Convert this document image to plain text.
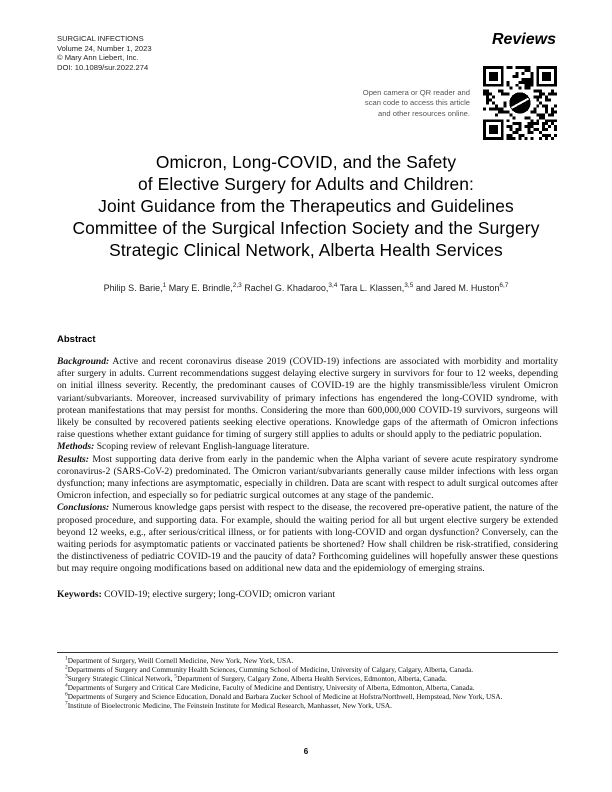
SURGICAL INFECTIONS
Volume 24, Number 1, 2023
© Mary Ann Liebert, Inc.
DOI: 10.1089/sur.2022.274
Reviews
Open camera or QR reader and
scan code to access this article
and other resources online.
Omicron, Long-COVID, and the Safety
of Elective Surgery for Adults and Children:
Joint Guidance from the Therapeutics and Guidelines
Committee of the Surgical Infection Society and the Surgery
Strategic Clinical Network, Alberta Health Services
Philip S. Barie,$^1$ Mary E. Brindle,$^{2,3}$ Rachel G. Khadaroo,$^{3,4}$ Tara L. Klassen,$^{3,5}$ and Jared M. Huston$^{6,7}$
Abstract

Background: Active and recent coronavirus disease 2019 (COVID-19) infections are associated with morbidity and mortality after surgery in adults. Current recommendations suggest delaying elective surgery in survivors for four to 12 weeks, depending on initial illness severity. Recently, the predominant causes of COVID-19 are the highly transmissible/less virulent Omicron variant/subvariants. Moreover, increased survivability of primary infections has engendered the long-COVID syndrome, with protean manifestations that may persist for months. Considering the more than 600,000,000 COVID-19 survivors, surgeons will likely be consulted by recovered patients seeking elective operations. Knowledge gaps of the aftermath of Omicron infections raise questions whether extant guidance for timing of surgery still applies to adults or should apply to the pediatric population.

Methods: Scoping review of relevant English-language literature.

Results: Most supporting data derive from early in the pandemic when the Alpha variant of severe acute respiratory syndrome coronavirus-2 (SARS-CoV-2) predominated. The Omicron variant/subvariants generally cause milder infections with less organ dysfunction; many infections are asymptomatic, especially in children. Data are scant with respect to adult surgical outcomes after Omicron infection, and especially so for pediatric surgical outcomes at any stage of the pandemic.

Conclusions: Numerous knowledge gaps persist with respect to the disease, the recovered pre-operative patient, the nature of the proposed procedure, and supporting data. For example, should the waiting period for all but urgent elective surgery be extended beyond 12 weeks, e.g., after serious/critical illness, or for patients with long-COVID and organ dysfunction? Conversely, can the waiting periods for asymptomatic patients or vaccinated patients be shortened? How shall children be risk-stratified, considering the distinctiveness of pediatric COVID-19 and the paucity of data? Forthcoming guidelines will hopefully answer these questions but may require ongoing modifications based on additional new data and the epidemiology of emerging strains.

Keywords: COVID-19; elective surgery; long-COVID; omicron variant

$^1$Department of Surgery, Weill Cornell Medicine, New York, New York, USA.

$^2$Departments of Surgery and Community Health Sciences, Cumming School of Medicine, University of Calgary, Calgary, Alberta, Canada.

$^3$Surgery Strategic Clinical Network, $^5$Department of Surgery, Calgary Zone, Alberta Health Services, Edmonton, Alberta, Canada.

$^4$Departments of Surgery and Critical Care Medicine, Faculty of Medicine and Dentistry, University of Alberta, Edmonton, Alberta, Canada.

$^6$Departments of Surgery and Science Education, Donald and Barbara Zucker School of Medicine at Hofstra/Northwell, Hempstead, New York, USA.

$^7$Institute of Bioelectronic Medicine, The Feinstein Institute for Medical Research, Manhasset, New York, USA.

6
